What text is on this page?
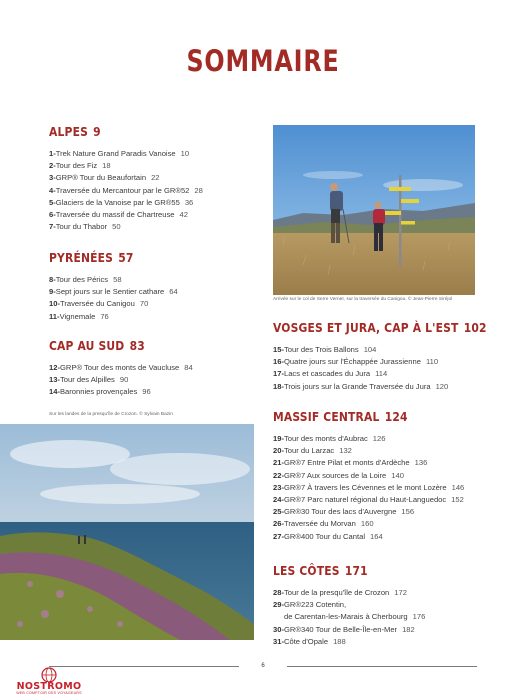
SOMMAIRE
ALPES 9
1- Trek Nature Grand Paradis Vanoise 10
2- Tour des Fiz 18
3- GRP® Tour du Beaufortain 22
4- Traversée du Mercantour par le GR®52 28
5- Glaciers de la Vanoise par le GR®55 36
6- Traversée du massif de Chartreuse 42
7- Tour du Thabor 50
PYRÉNÉES 57
8- Tour des Pérics 58
9- Sept jours sur le Sentier cathare 64
10- Traversée du Canigou 70
11- Vignemale 76
CAP AU SUD 83
12- GRP® Tour des monts de Vaucluse 84
13- Tour des Alpilles 90
14- Baronnies provençales 96
VOSGES ET JURA, CAP À L'EST 102
15- Tour des Trois Ballons 104
16- Quatre jours sur l'Échappée Jurassienne 110
17- Lacs et cascades du Jura 114
18- Trois jours sur la Grande Traversée du Jura 120
MASSIF CENTRAL 124
19- Tour des monts d'Aubrac 126
20- Tour du Larzac 132
21- GR®7 Entre Pilat et monts d'Ardèche 136
22- GR®7 Aux sources de la Loire 140
23- GR®7 À travers les Cévennes et le mont Lozère 146
24- GR®7 Parc naturel régional du Haut-Languedoc 152
25- GR®30 Tour des lacs d'Auvergne 156
26- Traversée du Morvan 160
27- GR®400 Tour du Cantal 164
LES CÔTES 171
28- Tour de la presqu'île de Crozon 172
29- GR®223 Cotentin,
de Carentan-les-Marais à Cherbourg 176
30- GR®340 Tour de Belle-Île-en-Mer 182
31- Côte d'Opale 188
Arrivée sur le col de Serre Vernet, sur la traversée du Canigou. © Jean-Pierre Siréjol
Sur les landes de la presqu'île de Crozon. © Sylvain Bazin
6
NOSTROMO
WEB COMPTOIR DES VOYAGEURS
